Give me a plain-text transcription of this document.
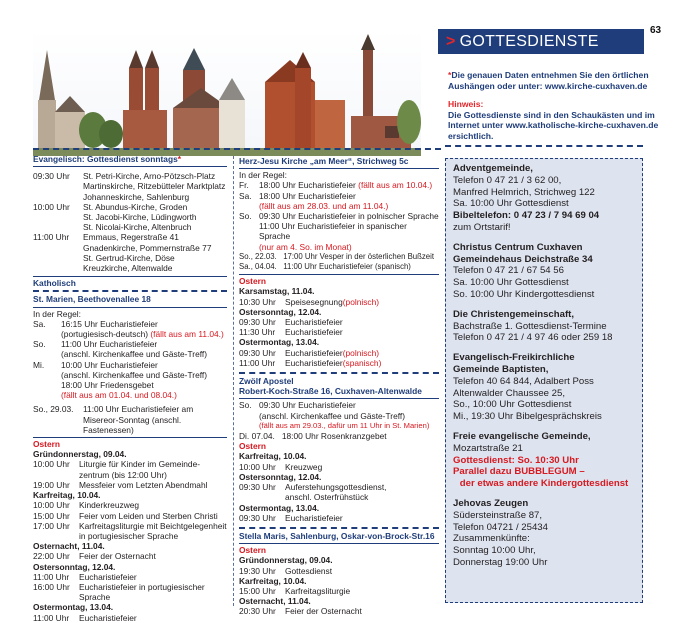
63
> GOTTESDIENSTE
*Die genauen Daten entnehmen Sie den örtlichen Aushängen oder unter: www.kirche-cuxhaven.de
Hinweis:
Die Gottesdienste sind in den Schaukästen und im Internet unter www.katholische-kirche-cuxhaven.de ersichtlich.
Evangelisch: Gottesdienst sonntags*
09:30 Uhr	St. Petri-Kirche, Arno-Pötzsch-Platz
Martinskirche, Ritzebütteler Marktplatz
Johanneskirche, Sahlenburg
10:00 Uhr	St. Abundus-Kirche, Groden
St. Jacobi-Kirche, Lüdingworth
St. Nicolai-Kirche, Altenbruch
11:00 Uhr	Emmaus, Regerstraße 41
Gnadenkirche, Pommernstraße 77
St. Gertrud-Kirche, Döse
Kreuzkirche, Altenwalde
Katholisch
St. Marien, Beethovenallee 18
In der Regel:
Sa.	16:15 Uhr Eucharistiefeier
(portugiesisch-deutsch) (fällt aus am 11.04.)
So.	11:00 Uhr Eucharistiefeier
(anschl. Kirchenkaffee und Gäste-Treff)
Mi.	10:00 Uhr Eucharistiefeier
(anschl. Kirchenkaffee und Gäste-Treff)
18:00 Uhr Friedensgebet
(fällt aus am 01.04. und 08.04.)
So., 29.03.	11:00 Uhr Eucharistiefeier am
Misereor-Sonntag (anschl. Fastenessen)
Ostern
Gründonnerstag, 09.04.
10:00 Uhr	Liturgie für Kinder im Gemeinde-
zentrum (bis 12:00 Uhr)
19:00 Uhr	Messfeier vom Letzten Abendmahl
Karfreitag, 10.04.
10:00 Uhr	Kinderkreuzweg
15:00 Uhr	Feier vom Leiden und Sterben Christi
17:00 Uhr	Karfreitagsliturgie mit Beichtgelegenheit
in portugiesischer Sprache
Osternacht, 11.04.
22:00 Uhr	Feier der Osternacht
Ostersonntag, 12.04.
11:00 Uhr	Eucharistiefeier
16:00 Uhr	Eucharistiefeier in portugiesischer Sprache
Ostermontag, 13.04.
11:00 Uhr	Eucharistiefeier
Herz-Jesu Kirche „am Meer“, Strichweg 5c
In der Regel:
Fr.	18:00 Uhr Eucharistiefeier
(fällt aus am 10.04.)
Sa. 18:00 Uhr Eucharistiefeier
(fällt aus am 28.03. und am 11.04.)
So. 09:30 Uhr Eucharistiefeier in polnischer Sprache
11:00 Uhr Eucharistiefeier in spanischer Sprache
(nur am 4. So. im Monat)
So., 22.03.   17:00 Uhr Vesper in der österlichen Bußzeit
Sa., 04.04.   11:00 Uhr Eucharistiefeier (spanisch)
Ostern
Karsamstag, 11.04.
10:30 Uhr	Speisesegnung (polnisch)
Ostersonntag, 12.04.
09:30 Uhr	Eucharistiefeier
11:30 Uhr	Eucharistiefeier
Ostermontag, 13.04.
09:30 Uhr	Eucharistiefeier (polnisch)
11:00 Uhr	Eucharistiefeier (spanisch)
Zwölf Apostel
Robert-Koch-Straße 16, Cuxhaven-Altenwalde
So. 09:30 Uhr Eucharistiefeier
(anschl. Kirchenkaffee und Gäste-Treff)
(fällt aus am 29.03., dafür um 11 Uhr in St. Marien)
Di. 07.04.   18:00 Uhr Rosenkranzgebet
Ostern
Karfreitag, 10.04.
10:00 Uhr	Kreuzweg
Ostersonntag, 12.04.
09:30 Uhr	Auferstehungsgottesdienst,
anschl. Osterfrühstück
Ostermontag, 13.04.
09:30 Uhr	Eucharistiefeier
Stella Maris, Sahlenburg, Oskar-von-Brock-Str.16
Ostern
Gründonnerstag, 09.04.
19:30 Uhr	Gottesdienst
Karfreitag, 10.04.
15:00 Uhr	Karfreitagsliturgie
Osternacht, 11.04.
20:30 Uhr	Feier der Osternacht
Adventgemeinde,
Telefon 0 47 21 / 3 62 00,
Manfred Helmrich, Strichweg 122
Sa. 10:00 Uhr Gottesdienst
Bibeltelefon: 0 47 23 / 7 94 69 04
zum Ortstarif!
Christus Centrum Cuxhaven
Gemeindehaus Deichstraße 34
Telefon 0 47 21 / 67 54 56
Sa. 10:00 Uhr Gottesdienst
So. 10:00 Uhr Kindergottesdienst
Die Christengemeinschaft,
Bachstraße 1. Gottesdienst-Termine
Telefon 0 47 21 / 4 97 46 oder 259 18
Evangelisch-Freikirchliche
Gemeinde Baptisten,
Telefon 40 64 844, Adalbert Poss
Altenwalder Chaussee 25,
So., 10:00 Uhr Gottesdienst
Mi., 19:30 Uhr Bibelgesprächskreis
Freie evangelische Gemeinde,
Mozartstraße 21
Gottesdienst: So. 10:30 Uhr
Parallel dazu BUBBLEGUM –
der etwas andere Kindergottesdienst
Jehovas Zeugen
Südersteinstraße 87,
Telefon 04721 / 25434
Zusammenkünfte:
Sonntag 10:00 Uhr,
Donnerstag 19:00 Uhr
